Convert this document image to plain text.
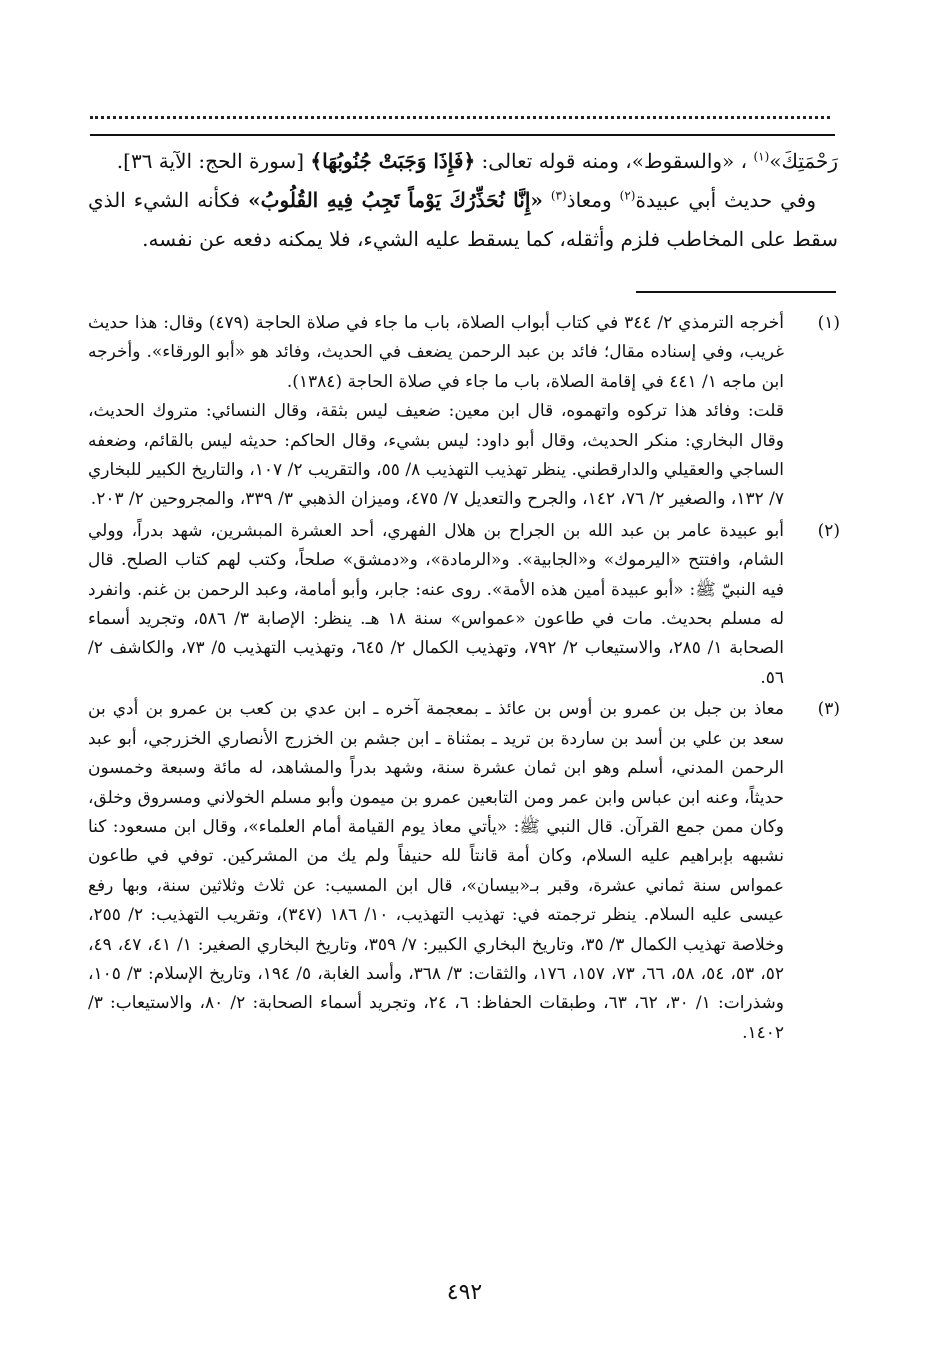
رَحْمَتِكَ»$^{(١)}$ ، «والسقوط»، ومنه قوله تعالى: ﴿فَإِذَا وَجَبَتْ جُنُوبُهَا﴾ [سورة الحج: الآية ٣٦].

وفي حديث أبي عبيدة$^{(٢)}$ ومعاذ$^{(٣)}$ «إِنَّا نُحَذِّرُكَ يَوْماً تَجِبُ فِيهِ القُلُوبُ» فكأنه الشيء الذي سقط على المخاطب فلزم وأثقله، كما يسقط عليه الشيء، فلا يمكنه دفعه عن نفسه.

(١)

أخرجه الترمذي ٢/ ٣٤٤ في كتاب أبواب الصلاة، باب ما جاء في صلاة الحاجة (٤٧٩) وقال: هذا حديث غريب، وفي إسناده مقال؛ فائد بن عبد الرحمن يضعف في الحديث، وفائد هو «أبو الورقاء». وأخرجه ابن ماجه ١/ ٤٤١ في إقامة الصلاة، باب ما جاء في صلاة الحاجة (١٣٨٤).

قلت: وفائد هذا تركوه واتهموه، قال ابن معين: ضعيف ليس بثقة، وقال النسائي: متروك الحديث، وقال البخاري: منكر الحديث، وقال أبو داود: ليس بشيء، وقال الحاكم: حديثه ليس بالقائم، وضعفه الساجي والعقيلي والدارقطني. ينظر تهذيب التهذيب ٨/ ٥٥، والتقريب ٢/ ١٠٧، والتاريخ الكبير للبخاري ٧/ ١٣٢، والصغير ٢/ ٧٦، ١٤٢، والجرح والتعديل ٧/ ٤٧٥، وميزان الذهبي ٣/ ٣٣٩، والمجروحين ٢/ ٢٠٣.

(٢)

أبو عبيدة عامر بن عبد الله بن الجراح بن هلال الفهري، أحد العشرة المبشرين، شهد بدراً، وولي الشام، وافتتح «اليرموك» و«الجابية». و«الرمادة»، و«دمشق» صلحاً، وكتب لهم كتاب الصلح. قال فيه النبيّ ﷺ: «أبو عبيدة أمين هذه الأمة». روى عنه: جابر، وأبو أمامة، وعبد الرحمن بن غنم. وانفرد له مسلم بحديث. مات في طاعون «عمواس» سنة ١٨ هـ. ينظر: الإصابة ٣/ ٥٨٦، وتجريد أسماء الصحابة ١/ ٢٨٥، والاستيعاب ٢/ ٧٩٢، وتهذيب الكمال ٢/ ٦٤٥، وتهذيب التهذيب ٥/ ٧٣، والكاشف ٢/ ٥٦.

(٣)

معاذ بن جبل بن عمرو بن أوس بن عائذ ـ بمعجمة آخره ـ ابن عدي بن كعب بن عمرو بن أدي بن سعد بن علي بن أسد بن ساردة بن تريد ـ بمثناة ـ ابن جشم بن الخزرج الأنصاري الخزرجي، أبو عبد الرحمن المدني، أسلم وهو ابن ثمان عشرة سنة، وشهد بدراً والمشاهد، له مائة وسبعة وخمسون حديثاً، وعنه ابن عباس وابن عمر ومن التابعين عمرو بن ميمون وأبو مسلم الخولاني ومسروق وخلق، وكان ممن جمع القرآن. قال النبي ﷺ: «يأتي معاذ يوم القيامة أمام العلماء»، وقال ابن مسعود: كنا نشبهه بإبراهيم عليه السلام، وكان أمة قانتاً لله حنيفاً ولم يك من المشركين. توفي في طاعون عمواس سنة ثماني عشرة، وقبر بـ«بيسان»، قال ابن المسيب: عن ثلاث وثلاثين سنة، وبها رفع عيسى عليه السلام. ينظر ترجمته في: تهذيب التهذيب، ١٠/ ١٨٦ (٣٤٧)، وتقريب التهذيب: ٢/ ٢٥٥، وخلاصة تهذيب الكمال ٣/ ٣٥، وتاريخ البخاري الكبير: ٧/ ٣٥٩، وتاريخ البخاري الصغير: ١/ ٤١، ٤٧، ٤٩، ٥٢، ٥٣، ٥٤، ٥٨، ٦٦، ٧٣، ١٥٧، ١٧٦، والثقات: ٣/ ٣٦٨، وأسد الغابة، ٥/ ١٩٤، وتاريخ الإسلام: ٣/ ١٠٥، وشذرات: ١/ ٣٠، ٦٢، ٦٣، وطبقات الحفاظ: ٦، ٢٤، وتجريد أسماء الصحابة: ٢/ ٨٠، والاستيعاب: ٣/ ١٤٠٢.

٤٩٢
